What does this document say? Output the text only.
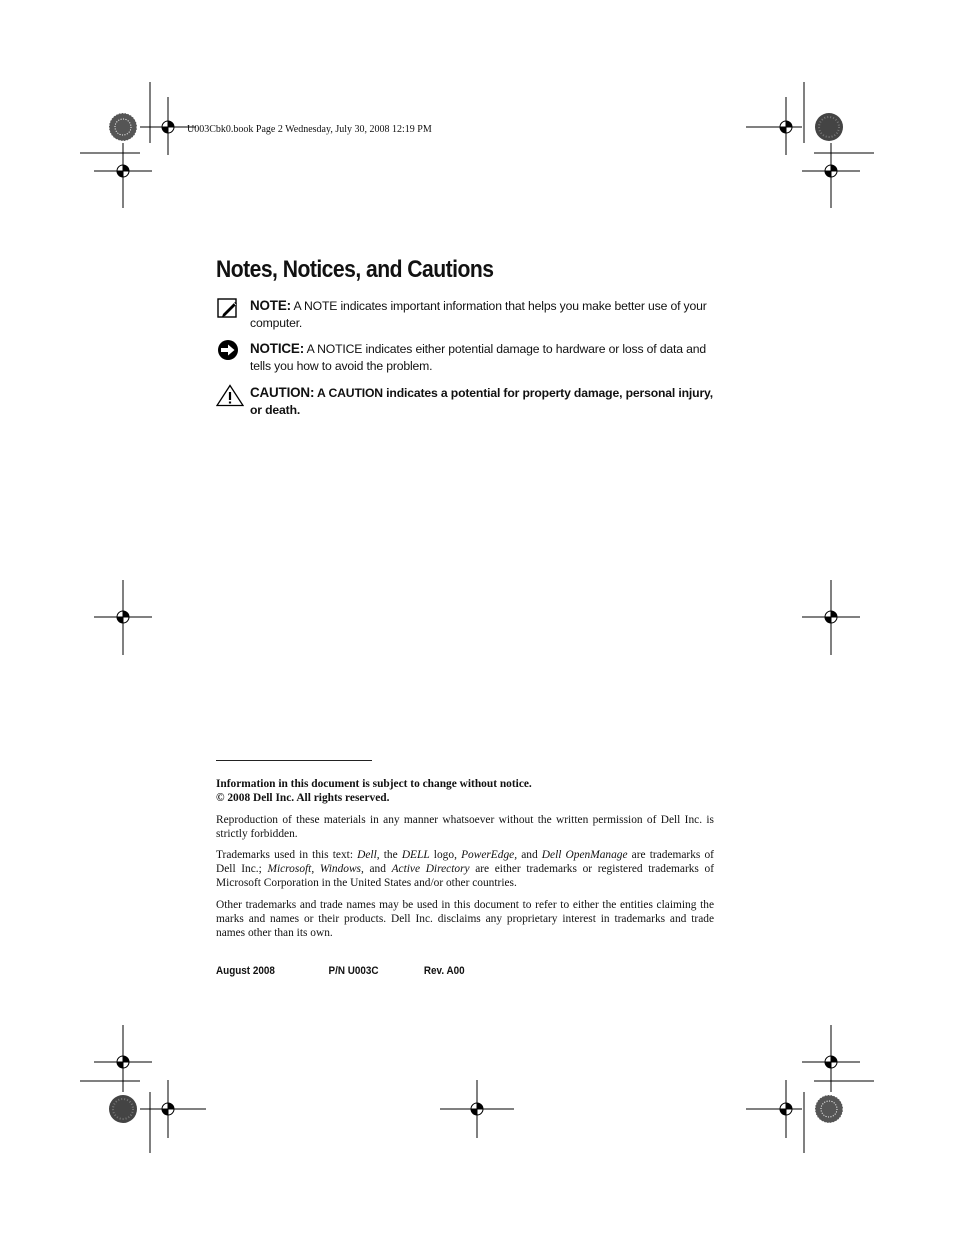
U003Cbk0.book Page 2 Wednesday, July 30, 2008 12:19 PM
Notes, Notices, and Cautions
NOTE: A NOTE indicates important information that helps you make better use of your computer.
NOTICE: A NOTICE indicates either potential damage to hardware or loss of data and tells you how to avoid the problem.
CAUTION: A CAUTION indicates a potential for property damage, personal injury, or death.

Information in this document is subject to change without notice.

© 2008 Dell Inc. All rights reserved.

Reproduction of these materials in any manner whatsoever without the written permission of Dell Inc. is strictly forbidden.

Trademarks used in this text: Dell, the DELL logo, PowerEdge, and Dell OpenManage are trademarks of Dell Inc.; Microsoft, Windows, and Active Directory are either trademarks or registered trademarks of Microsoft Corporation in the United States and/or other countries.

Other trademarks and trade names may be used in this document to refer to either the entities claiming the marks and names or their products. Dell Inc. disclaims any proprietary interest in trademarks and trade names other than its own.

August 2008	P/N U003C	Rev. A00
